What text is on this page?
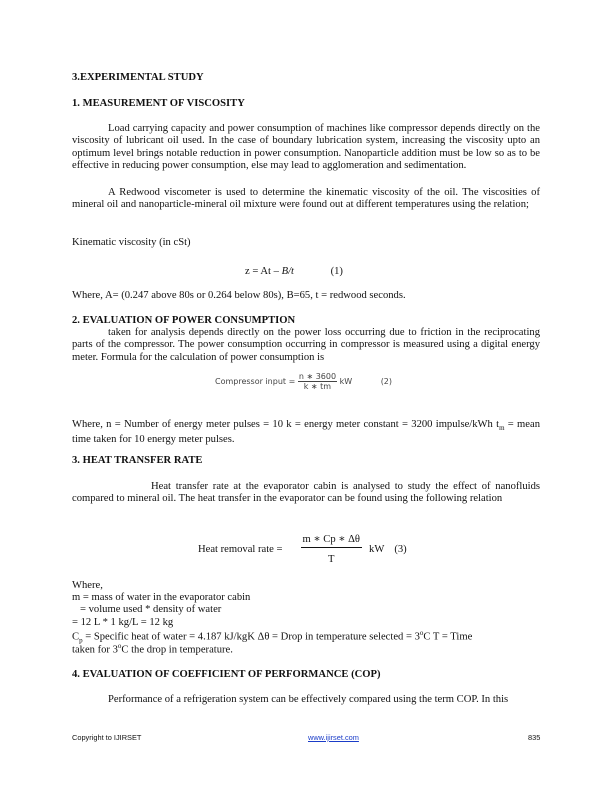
3.EXPERIMENTAL STUDY
1. MEASUREMENT OF VISCOSITY
Load carrying capacity and power consumption of machines like compressor depends directly on the viscosity of lubricant oil used. In the case of boundary lubrication system, increasing the viscosity upto an optimum level brings notable reduction in power consumption. Nanoparticle addition must be low so as to be effective in reducing power consumption, else may lead to agglomeration and sedimentation.
A Redwood viscometer is used to determine the kinematic viscosity of the oil. The viscosities of mineral oil and nanoparticle-mineral oil mixture were found out at different temperatures using the relation;
Kinematic viscosity (in cSt)
z = At – B/t	(1)
Where, A= (0.247 above 80s or 0.264 below 80s), B=65, t = redwood seconds.
2. EVALUATION OF POWER CONSUMPTION
taken for analysis depends directly on the power loss occurring due to friction in the reciprocating parts of the compressor. The power consumption occurring in compressor is measured using a digital energy meter. Formula for the calculation of power consumption is
Compressor input = $\frac{n ∗ 3600}{k ∗ tm}$ kW	(2)
Where, n = Number of energy meter pulses = 10 k = energy meter constant = 3200 impulse/kWh $t_m$ = mean time taken for 10 energy meter pulses.
3. HEAT TRANSFER RATE
Heat transfer rate at the evaporator cabin is analysed to study the effect of nanofluids compared to mineral oil. The heat transfer in the evaporator can be found using the following relation
Heat removal rate = $\frac{m ∗ Cp ∗ \Delta\theta}{T}$ kW (3)
Where,
m = mass of water in the evaporator cabin
= volume used * density of water
= 12 L * 1 kg/L = 12 kg
$C_p$ = Specific heat of water = 4.187 kJ/kgK Δθ = Drop in temperature selected = $3^oC$ T = Time
taken for 3$^o$C the drop in temperature.
4. EVALUATION OF COEFFICIENT OF PERFORMANCE (COP)
Performance of a refrigeration system can be effectively compared using the term COP. In this
Copyright to IJIRSET	www.ijirset.com	835
